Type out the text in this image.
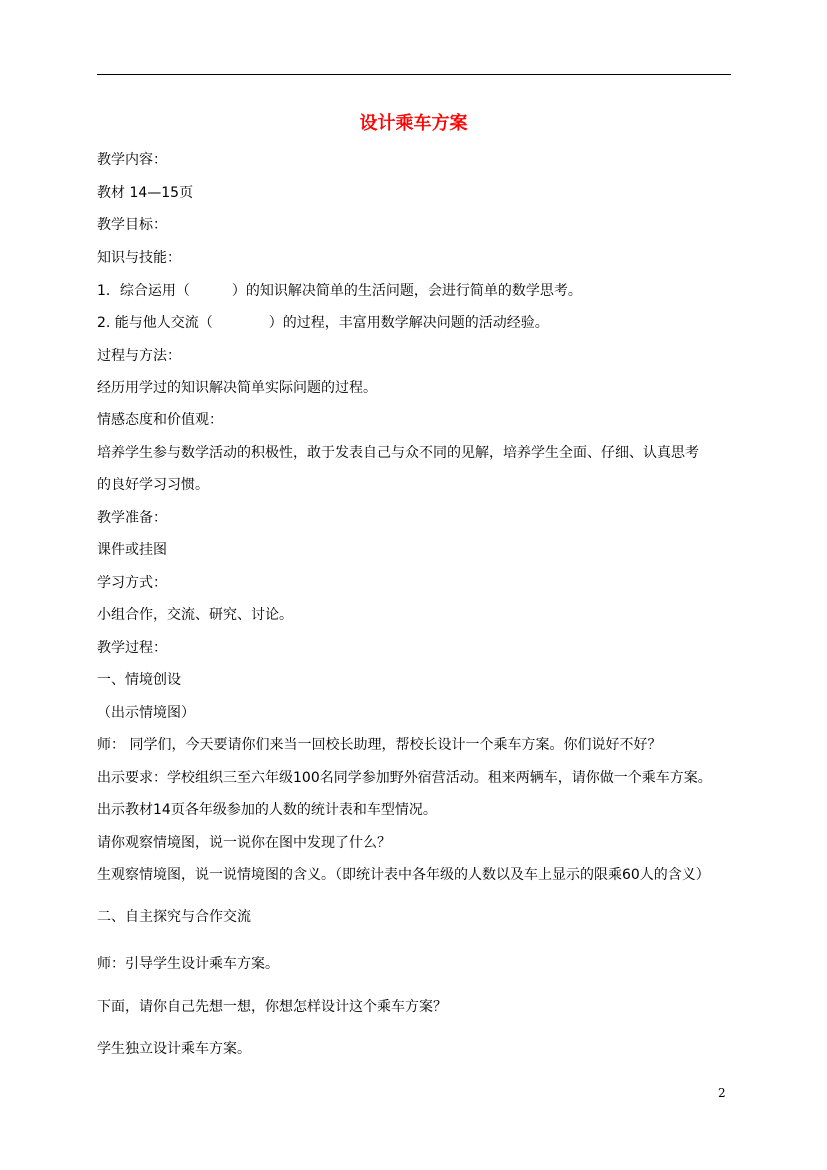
设计乘车方案
教学内容：
教材 14—15页
教学目标：
知识与技能：
1．综合运用（　　　）的知识解决简单的生活问题，会进行简单的数学思考。
2. 能与他人交流（　　　　）的过程，丰富用数学解决问题的活动经验。
过程与方法：
经历用学过的知识解决简单实际问题的过程。
情感态度和价值观：
培养学生参与数学活动的积极性，敢于发表自己与众不同的见解，培养学生全面、仔细、认真思考
的良好学习习惯。
教学准备：
课件或挂图
学习方式：
小组合作，交流、研究、讨论。
教学过程：
一、情境创设
（出示情境图）
师： 同学们，今天要请你们来当一回校长助理，帮校长设计一个乘车方案。你们说好不好？
出示要求：学校组织三至六年级100名同学参加野外宿营活动。租来两辆车，请你做一个乘车方案。
出示教材14页各年级参加的人数的统计表和车型情况。
请你观察情境图，说一说你在图中发现了什么？
生观察情境图，说一说情境图的含义。（即统计表中各年级的人数以及车上显示的限乘60人的含义）
二、自主探究与合作交流
师：引导学生设计乘车方案。
下面，请你自己先想一想，你想怎样设计这个乘车方案？
学生独立设计乘车方案。
2
